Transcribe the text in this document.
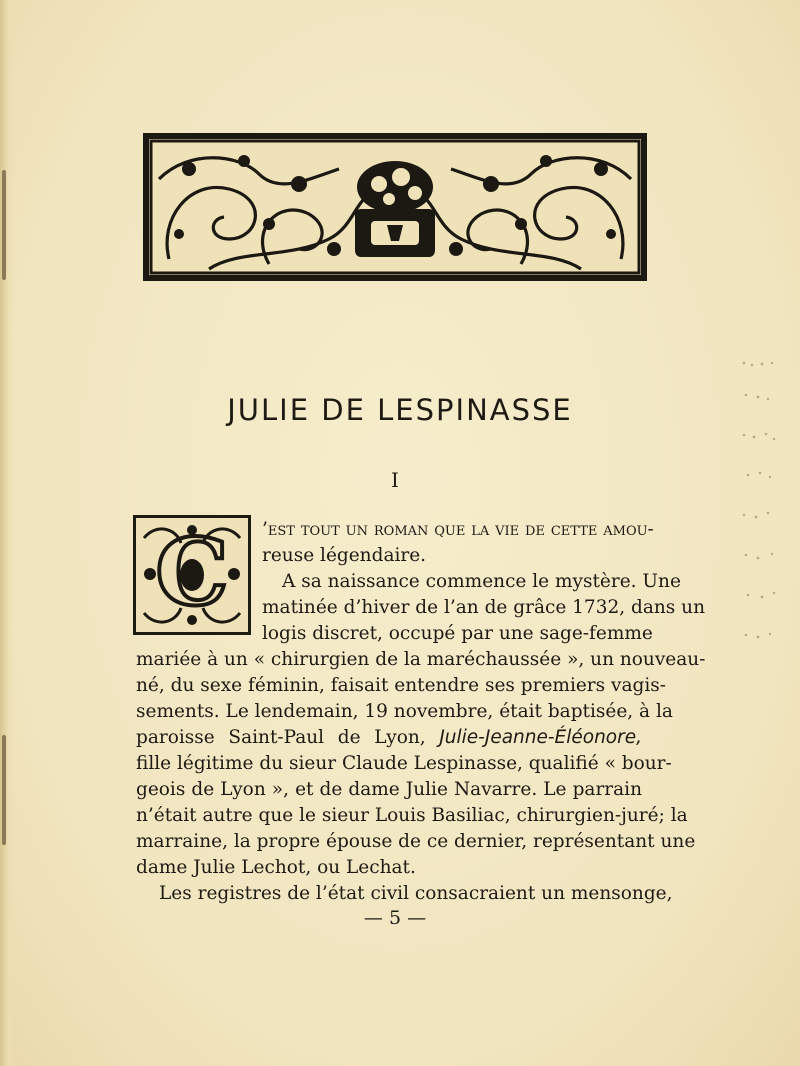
JULIE DE LESPINASSE
I
C ’est tout un roman que la vie de cette amou-
reuse légendaire.
A sa naissance commence le mystère. Une
matinée d’hiver de l’an de grâce 1732, dans un
logis discret, occupé par une sage-femme
mariée à un « chirurgien de la maréchaussée », un nouveau-
né, du sexe féminin, faisait entendre ses premiers vagis-
sements. Le lendemain, 19 novembre, était baptisée, à la
paroisse Saint-Paul de Lyon, Julie-Jeanne-Éléonore,
fille légitime du sieur Claude Lespinasse, qualifié « bour-
geois de Lyon », et de dame Julie Navarre. Le parrain
n’était autre que le sieur Louis Basiliac, chirurgien-juré; la
marraine, la propre épouse de ce dernier, représentant une
dame Julie Lechot, ou Lechat.
Les registres de l’état civil consacraient un mensonge,
— 5 —
